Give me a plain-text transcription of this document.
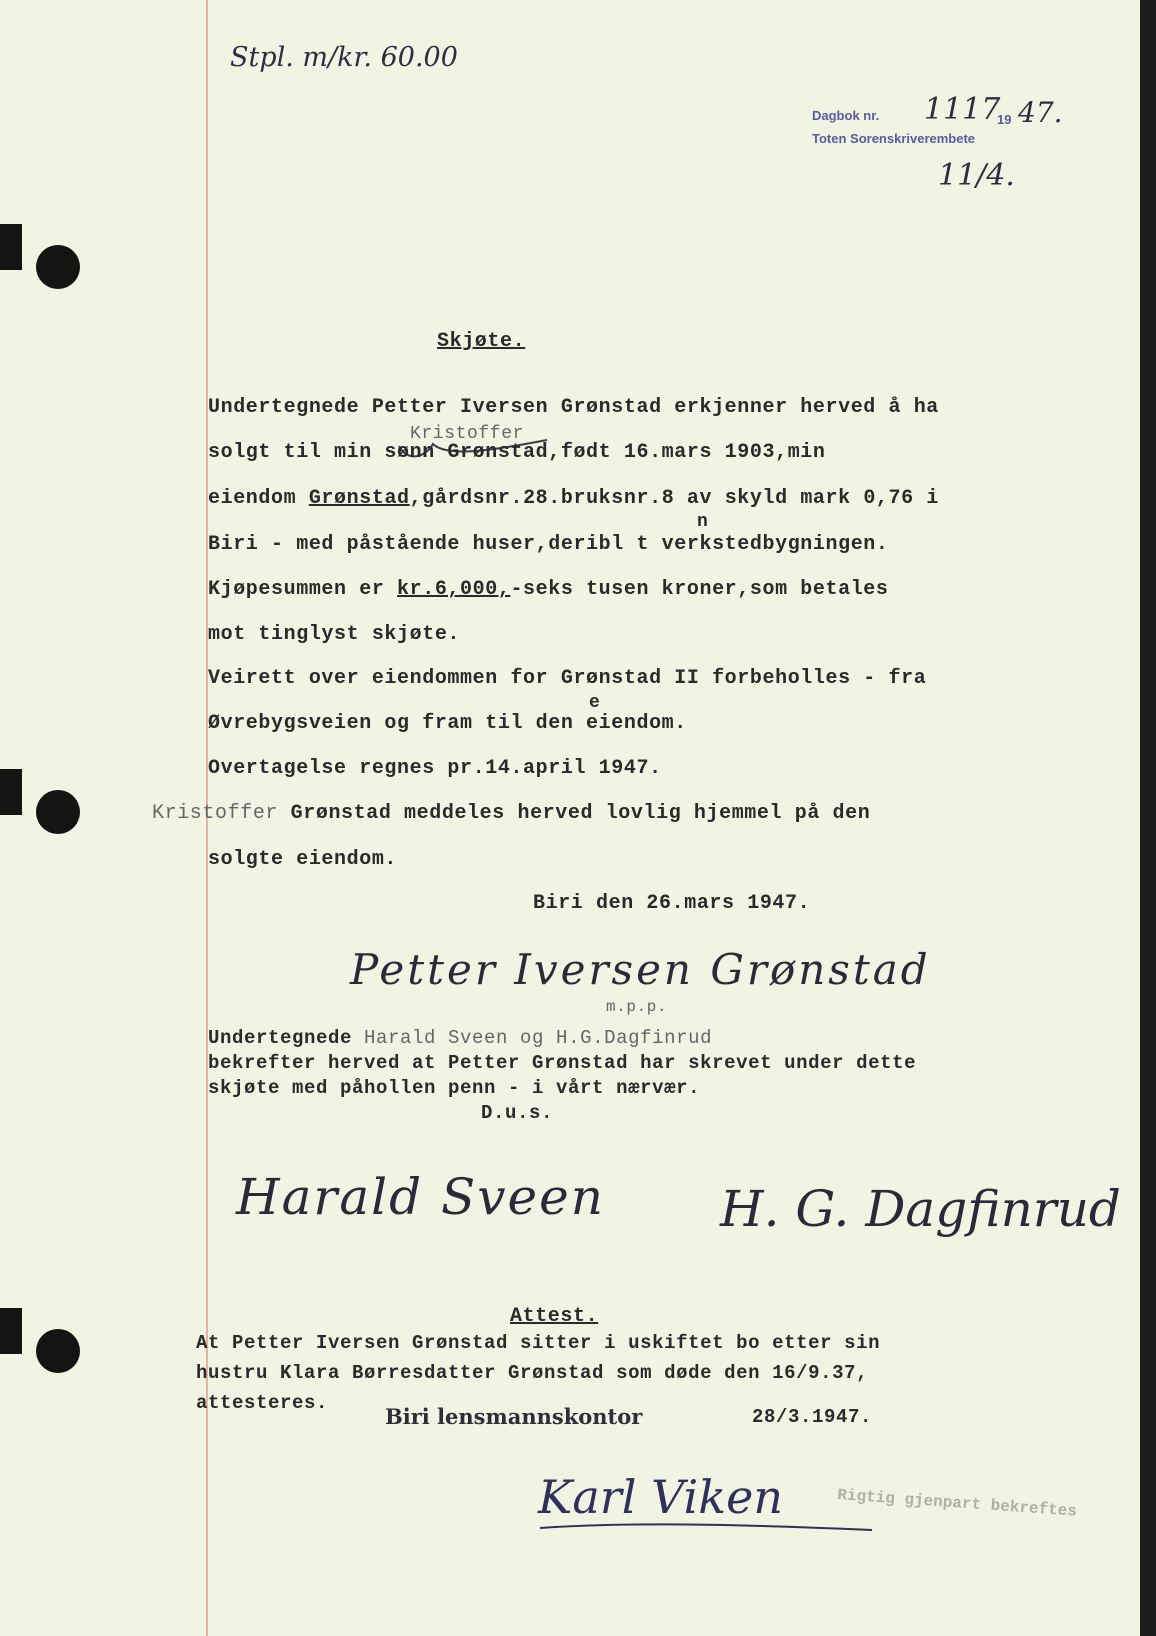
Stpl. m/kr. 60.00
Dagbok nr. 1117
19 47.
Toten Sorenskriverembete
11/4.
Skjøte.
Undertegnede Petter Iversen Grønstad erkjenner herved å ha
Kristoffer
solgt til min sønn Grønstad,født 16.mars 1903,min
eiendom Grønstad,gårdsnr.28.bruksnr.8 av skyld mark 0,76 i
n
Biri - med påstående huser,deribl t verkstedbygningen.
Kjøpesummen er kr.6,000,-seks tusen kroner,som betales
mot tinglyst skjøte.
Veirett over eiendommen for Grønstad II forbeholles - fra
e
Øvrebygsveien og fram til den eiendom.
Overtagelse regnes pr.14.april 1947.
Kristoffer Grønstad meddeles herved lovlig hjemmel på den
solgte eiendom.
Biri den 26.mars 1947.
Petter Iversen Grønstad
m.p.p.
Undertegnede Harald Sveen og H.G.Dagfinrud
bekrefter herved at Petter Grønstad har skrevet under dette
skjøte med påhollen penn - i vårt nærvær.
D.u.s.
Harald Sveen H. G. Dagfinrud
Attest.
At Petter Iversen Grønstad sitter i uskiftet bo etter sin
hustru Klara Børresdatter Grønstad som døde den 16/9.37,
attesteres.
Biri lensmannskontor	28/3.1947.
Karl Viken	Rigtig gjenpart bekreftes
